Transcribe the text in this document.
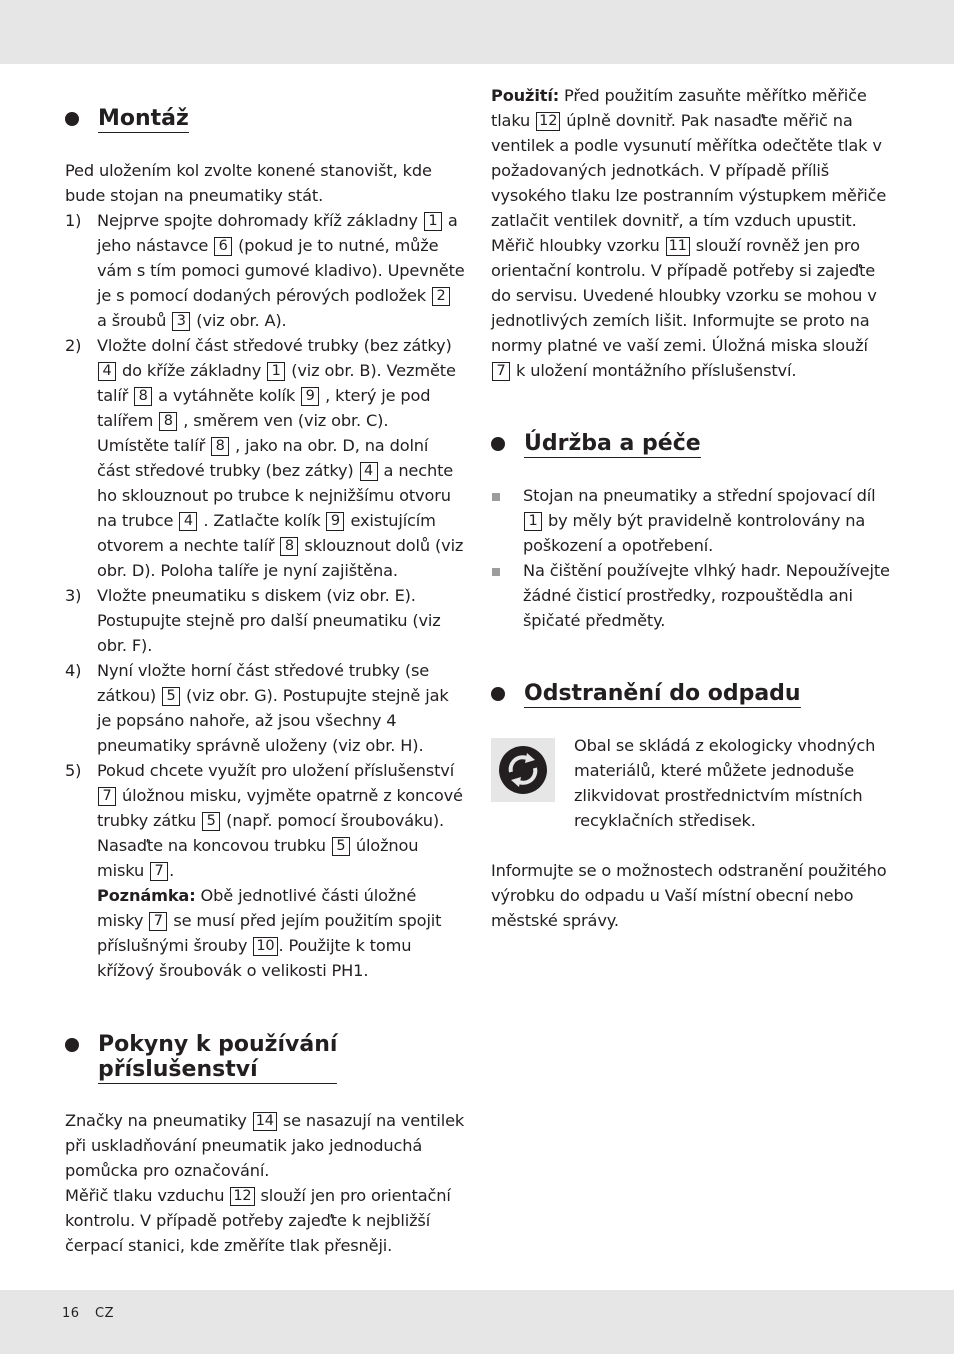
Montáž

Ped uložením kol zvolte konené stanovišt, kde bude stojan na pneumatiky stát.

1) Nejprve spojte dohromady kříž základny 1 a jeho nástavce 6 (pokud je to nutné, může vám s tím pomoci gumové kladivo). Upevněte je s pomocí dodaných pérových podložek 2 a šroubů 3 (viz obr. A).
2) Vložte dolní část středové trubky (bez zátky) 4 do kříže základny 1 (viz obr. B). Vezměte talíř 8 a vytáhněte kolík 9 , který je pod talířem 8 , směrem ven (viz obr. C). Umístěte talíř 8 , jako na obr. D, na dolní část středové trubky (bez zátky) 4 a nechte ho sklouznout po trubce k nejnižšímu otvoru na trubce 4 . Zatlačte kolík 9 existujícím otvorem a nechte talíř 8 sklouznout dolů (viz obr. D). Poloha talíře je nyní zajištěna.
3) Vložte pneumatiku s diskem (viz obr. E). Postupujte stejně pro další pneumatiku (viz obr. F).
4) Nyní vložte horní část středové trubky (se zátkou) 5 (viz obr. G). Postupujte stejně jak je popsáno nahoře, až jsou všechny 4 pneumatiky správně uloženy (viz obr. H).
5) Pokud chcete využít pro uložení příslušenství 7 úložnou misku, vyjměte opatrně z koncové trubky zátku 5 (např. pomocí šroubováku). Nasaďte na koncovou trubku 5 úložnou misku 7 .
Poznámka: Obě jednotlivé části úložné misky 7 se musí před jejím použitím spojit příslušnými šrouby 10 . Použijte k tomu křížový šroubovák o velikosti PH1.
Pokyny k používání
příslušenství

Značky na pneumatiky 14 se nasazují na ventilek při uskladňování pneumatik jako jednoduchá pomůcka pro označování.

Měřič tlaku vzduchu 12 slouží jen pro orientační kontrolu. V případě potřeby zajeďte k nejbližší čerpací stanici, kde změříte tlak přesněji.

Použití: Před použitím zasuňte měřítko měřiče tlaku 12 úplně dovnitř. Pak nasaďte měřič na ventilek a podle vysunutí měřítka odečtěte tlak v požadovaných jednotkách. V případě příliš vysokého tlaku lze postranním výstupkem měřiče zatlačit ventilek dovnitř, a tím vzduch upustit. Měřič hloubky vzorku 11 slouží rovněž jen pro orientační kontrolu. V případě potřeby si zajeďte do servisu. Uvedené hloubky vzorku se mohou v jednotlivých zemích lišit. Informujte se proto na normy platné ve vaší zemi. Úložná miska slouží 7 k uložení montážního příslušenství.

Údržba a péče
Stojan na pneumatiky a střední spojovací díl 1 by měly být pravidelně kontrolovány na poškození a opotřebení.
Na čištění používejte vlhký hadr. Nepoužívejte žádné čisticí prostředky, rozpouštědla ani špičaté předměty.
Odstranění do odpadu

Obal se skládá z ekologicky vhodných materiálů, které můžete jednoduše zlikvidovat prostřednictvím místních recyklačních středisek.

Informujte se o možnostech odstranění použitého výrobku do odpadu u Vaší místní obecní nebo městské správy.

16 CZ
